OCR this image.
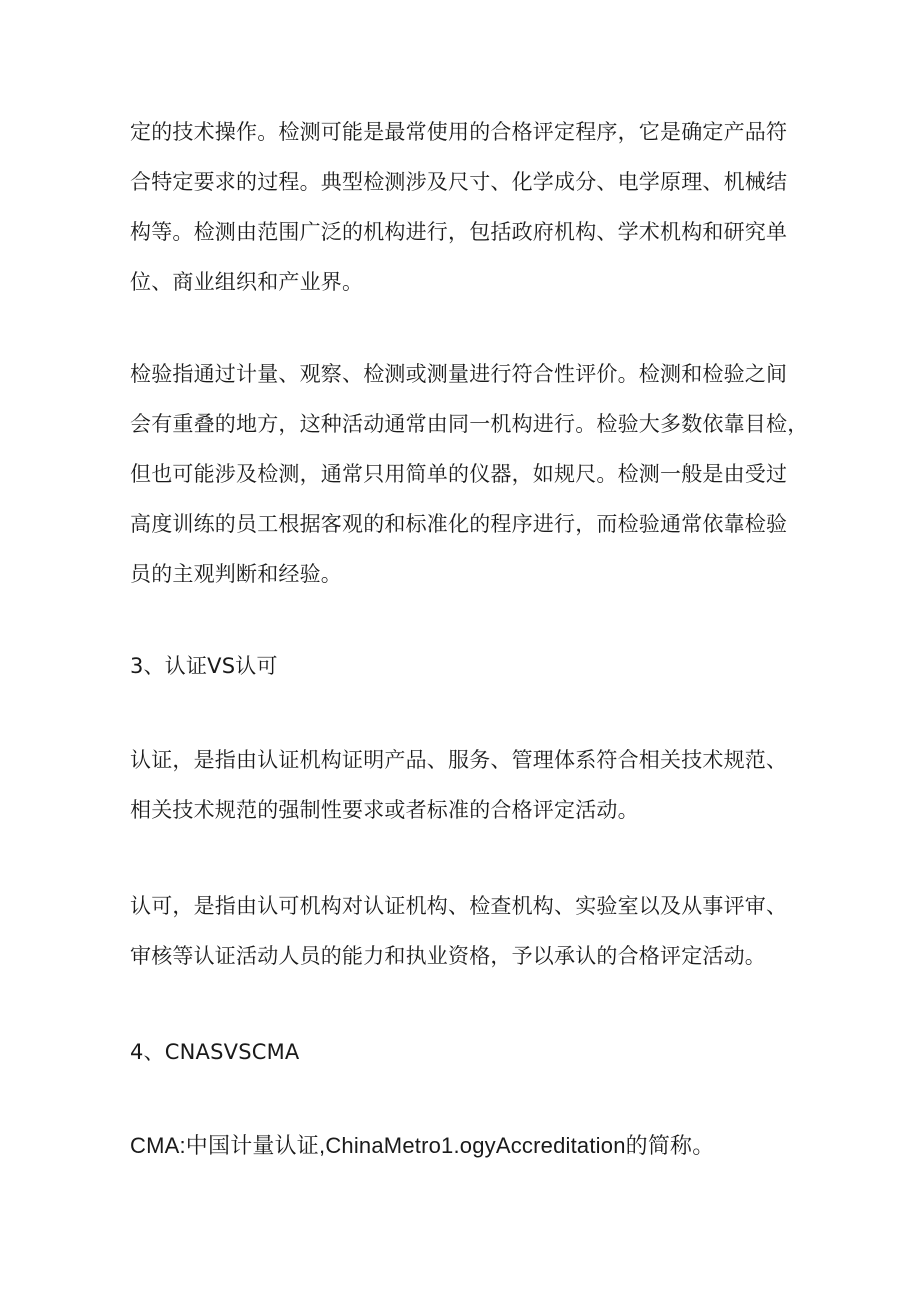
定的技术操作。检测可能是最常使用的合格评定程序，它是确定产品符
合特定要求的过程。典型检测涉及尺寸、化学成分、电学原理、机械结
构等。检测由范围广泛的机构进行，包括政府机构、学术机构和研究单
位、商业组织和产业界。
检验指通过计量、观察、检测或测量进行符合性评价。检测和检验之间
会有重叠的地方，这种活动通常由同一机构进行。检验大多数依靠目检，
但也可能涉及检测，通常只用简单的仪器，如规尺。检测一般是由受过
高度训练的员工根据客观的和标准化的程序进行，而检验通常依靠检验
员的主观判断和经验。
3、认证VS认可
认证，是指由认证机构证明产品、服务、管理体系符合相关技术规范、
相关技术规范的强制性要求或者标准的合格评定活动。
认可，是指由认可机构对认证机构、检查机构、实验室以及从事评审、
审核等认证活动人员的能力和执业资格，予以承认的合格评定活动。
4、CNASVSCMA
CMA:中国计量认证,ChinaMetro1.ogyAccreditation的简称。
